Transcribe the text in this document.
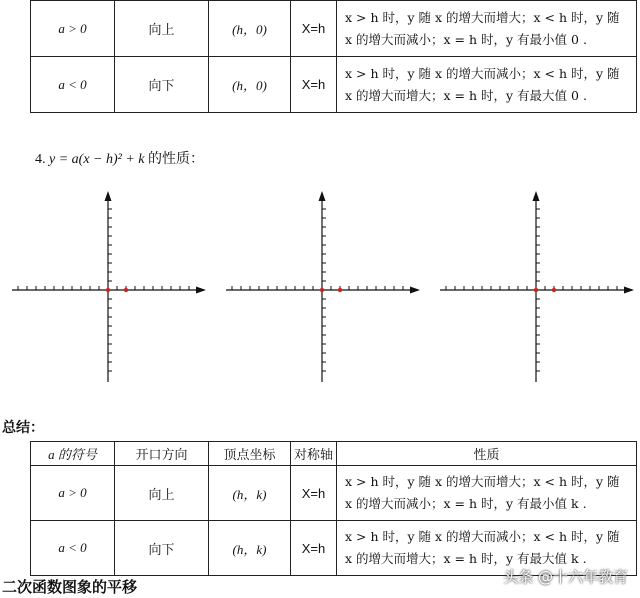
a > 0	向上	(h，0)	X=h	x > h 时，y 随 x 的增大而增大；x < h 时，y 随
x 的增大而减小；x = h 时，y 有最小值 0 .

a < 0	向下	(h，0)	X=h	x > h 时，y 随 x 的增大而减小；x < h 时，y 随
x 的增大而增大；x = h 时，y 有最大值 0 .
4. y = a(x − h)² + k 的性质：
总结：
a 的符号	开口方向	顶点坐标	对称轴	性质
a > 0	向上	(h，k)	X=h	x > h 时，y 随 x 的增大而增大；x < h 时，y 随
x 的增大而减小；x = h 时，y 有最小值 k .

a < 0	向下	(h，k)	X=h	x > h 时，y 随 x 的增大而减小；x < h 时，y 随
x 的增大而增大；x = h 时，y 有最大值 k .
二次函数图象的平移
头条 @十六年教育
